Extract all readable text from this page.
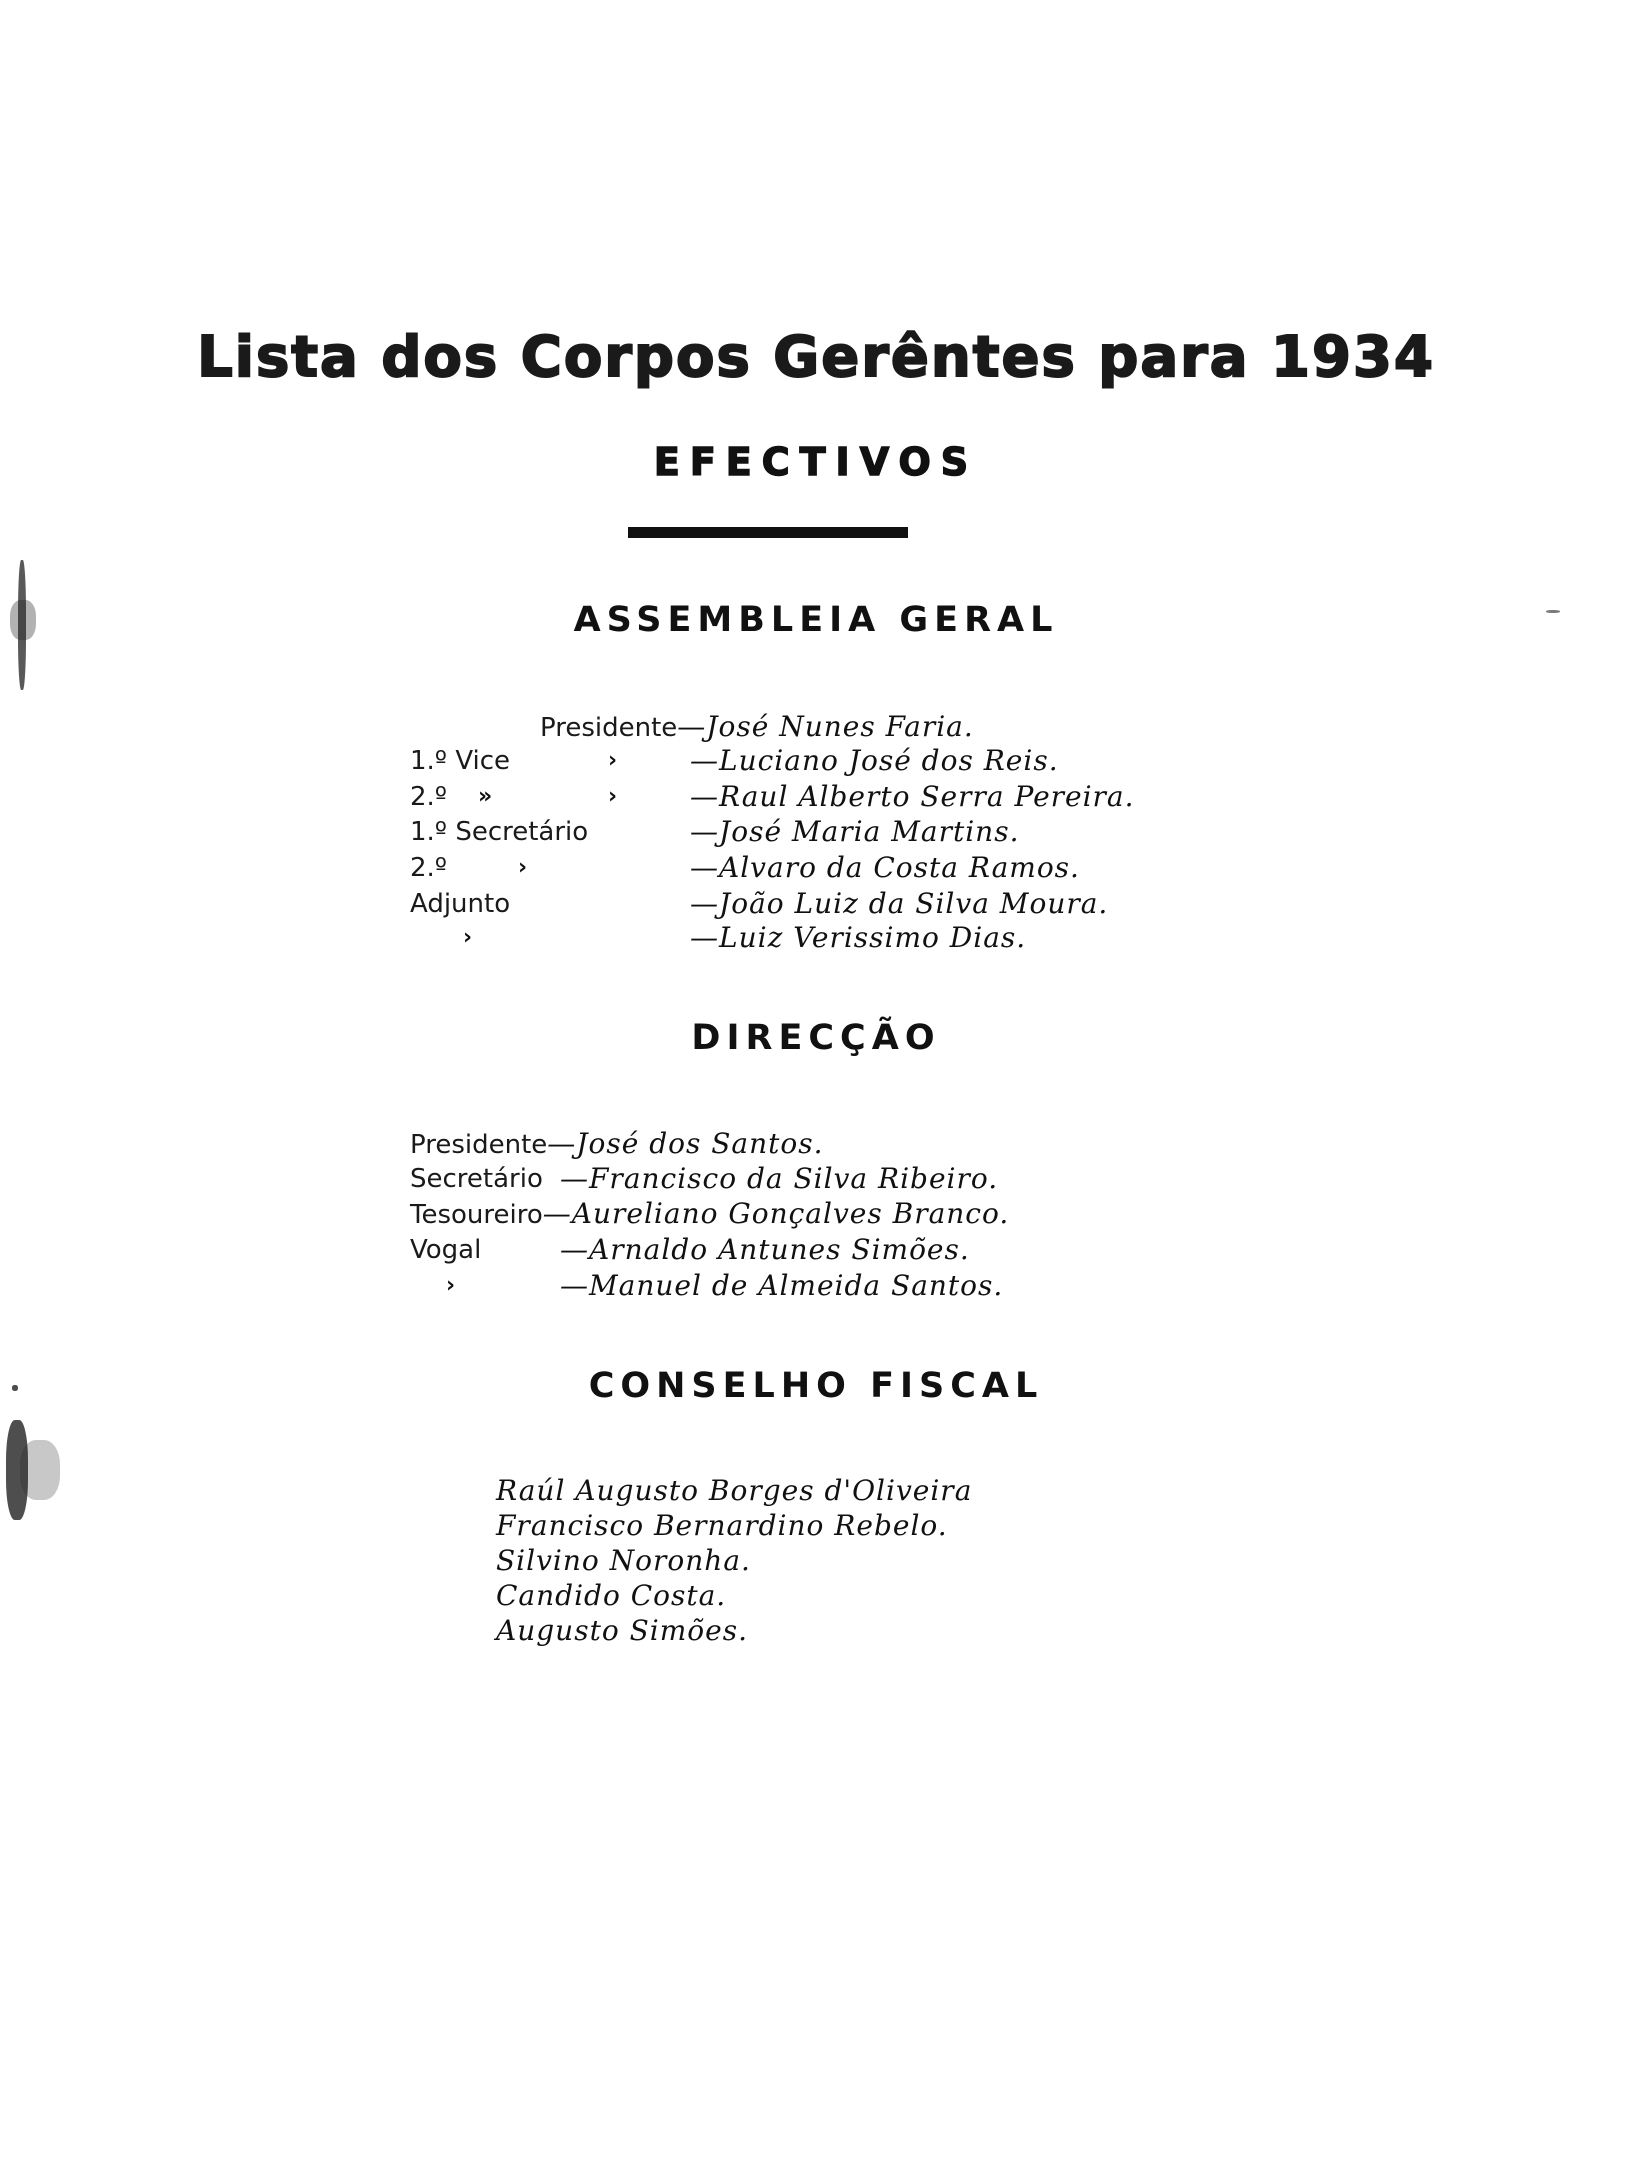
Lista dos Corpos Gerêntes para 1934
EFECTIVOS
ASSEMBLEIA GERAL
Presidente—José Nunes Faria.
1.º Vice	›	—Luciano José dos Reis.
2.º »	›	—Raul Alberto Serra Pereira.
1.º Secretário	—José Maria Martins.
2.º	›	—Alvaro da Costa Ramos.
Adjunto	—João Luiz da Silva Moura.
›	—Luiz Verissimo Dias.
DIRECÇÃO
Presidente—José dos Santos.
Secretário —Francisco da Silva Ribeiro.
Tesoureiro—Aureliano Gonçalves Branco.
Vogal	—Arnaldo Antunes Simões.
›	—Manuel de Almeida Santos.
CONSELHO FISCAL
Raúl Augusto Borges d'Oliveira
Francisco Bernardino Rebelo.
Silvino Noronha.
Candido Costa.
Augusto Simões.
